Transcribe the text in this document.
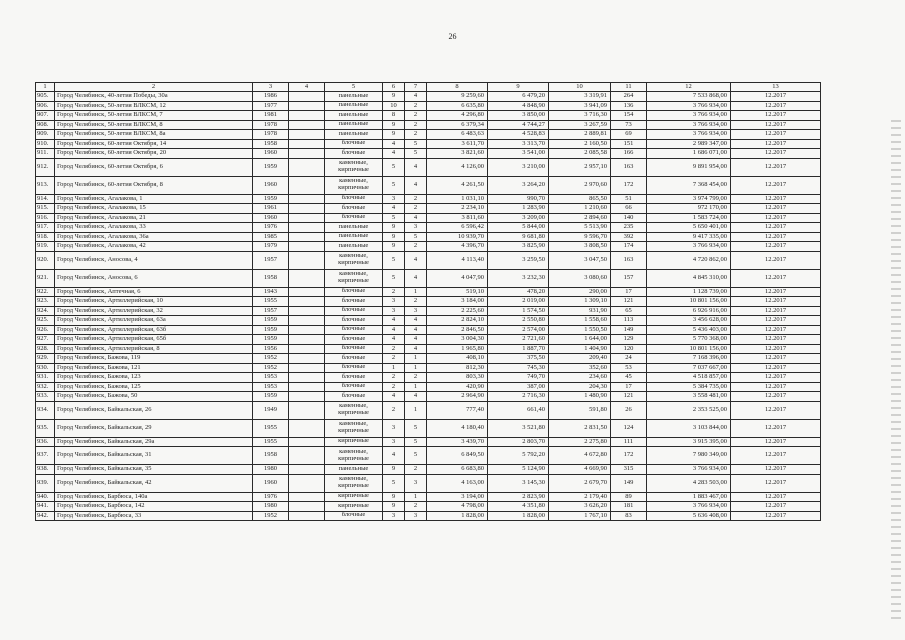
26
1	2	3	4	5	6	7	8	9	10	11	12	13
905.	Город Челябинск, 40-летия Победы, 30а	1986		панельные	9	4	9 259,60	6 479,20	3 319,91	264	7 533 868,00	12.2017
906.	Город Челябинск, 50-летия ВЛКСМ, 12	1977		панельные	10	2	6 635,80	4 848,90	3 941,09	136	3 766 934,00	12.2017
907.	Город Челябинск, 50-летия ВЛКСМ, 7	1981		панельные	8	2	4 296,80	3 850,00	3 716,30	154	3 766 934,00	12.2017
908.	Город Челябинск, 50-летия ВЛКСМ, 8	1978		панельные	9	2	6 379,34	4 744,27	3 267,59	73	3 766 934,00	12.2017
909.	Город Челябинск, 50-летия ВЛКСМ, 8а	1978		панельные	9	2	6 483,63	4 528,83	2 889,81	69	3 766 934,00	12.2017
910.	Город Челябинск, 60-летия Октября, 14	1958		блочные	4	5	3 611,70	3 313,70	2 160,50	151	2 989 347,00	12.2017
911.	Город Челябинск, 60-летия Октября, 20	1960		блочные	4	5	3 821,60	3 541,00	2 085,58	166	1 686 071,00	12.2017
912.	Город Челябинск, 60-летия Октября, 6	1959		каменные, кирпичные	5	4	4 126,00	3 210,00	2 957,10	163	9 891 954,00	12.2017
913.	Город Челябинск, 60-летия Октября, 8	1960		каменные, кирпичные	5	4	4 261,50	3 264,20	2 970,60	172	7 368 454,00	12.2017
914.	Город Челябинск, Агалакова, 1	1959		блочные	3	2	1 031,10	990,70	865,50	51	3 974 799,00	12.2017
915.	Город Челябинск, Агалакова, 15	1961		блочные	4	2	2 234,10	1 283,90	1 210,60	66	972 170,00	12.2017
916.	Город Челябинск, Агалакова, 21	1960		блочные	5	4	3 811,60	3 209,00	2 894,60	140	1 583 724,00	12.2017
917.	Город Челябинск, Агалакова, 33	1976		панельные	9	3	6 596,42	5 844,00	5 513,90	235	5 650 401,00	12.2017
918.	Город Челябинск, Агалакова, 36а	1985		панельные	9	5	10 939,70	9 681,80	9 596,70	392	9 417 335,00	12.2017
919.	Город Челябинск, Агалакова, 42	1979		панельные	9	2	4 396,70	3 825,90	3 808,50	174	3 766 934,00	12.2017
920.	Город Челябинск, Аносова, 4	1957		каменные, кирпичные	5	4	4 113,40	3 259,50	3 047,50	163	4 720 862,00	12.2017
921.	Город Челябинск, Аносова, 6	1958		каменные, кирпичные	5	4	4 047,90	3 232,30	3 080,60	157	4 845 310,00	12.2017
922.	Город Челябинск, Аптечная, 6	1943		блочные	2	1	519,10	478,20	290,00	17	1 128 739,00	12.2017
923.	Город Челябинск, Артиллерийская, 10	1955		блочные	3	2	3 184,00	2 019,00	1 309,10	121	10 801 156,00	12.2017
924.	Город Челябинск, Артиллерийская, 32	1957		блочные	3	3	2 225,60	1 574,50	931,90	65	6 926 916,00	12.2017
925.	Город Челябинск, Артиллерийская, 63а	1959		блочные	4	4	2 824,10	2 550,80	1 558,60	113	3 456 628,00	12.2017
926.	Город Челябинск, Артиллерийская, 63б	1959		блочные	4	4	2 846,50	2 574,00	1 550,50	149	5 436 403,00	12.2017
927.	Город Челябинск, Артиллерийская, 65б	1959		блочные	4	4	3 004,30	2 721,60	1 644,00	129	5 770 368,00	12.2017
928.	Город Челябинск, Артиллерийская, 8	1956		блочные	2	4	1 965,80	1 887,70	1 404,90	120	10 801 156,00	12.2017
929.	Город Челябинск, Бажова, 119	1952		блочные	2	1	408,10	375,50	209,40	24	7 168 396,00	12.2017
930.	Город Челябинск, Бажова, 121	1952		блочные	1	1	812,30	745,30	352,60	53	7 037 667,00	12.2017
931.	Город Челябинск, Бажова, 123	1953		блочные	2	2	803,30	749,70	234,60	45	4 518 857,00	12.2017
932.	Город Челябинск, Бажова, 125	1953		блочные	2	1	420,90	387,00	204,30	17	5 384 735,00	12.2017
933.	Город Челябинск, Бажова, 50	1959		блочные	4	4	2 964,90	2 716,30	1 480,90	121	3 558 481,00	12.2017
934.	Город Челябинск, Байкальская, 26	1949		каменные, кирпичные	2	1	777,40	661,40	591,80	26	2 353 525,00	12.2017
935.	Город Челябинск, Байкальская, 29	1955		каменные, кирпичные	3	5	4 180,40	3 521,80	2 831,50	124	3 103 844,00	12.2017
936.	Город Челябинск, Байкальская, 29а	1955		кирпичные	3	5	3 439,70	2 803,70	2 275,80	111	3 915 395,00	12.2017
937.	Город Челябинск, Байкальская, 31	1958		каменные, кирпичные	4	5	6 849,50	5 792,20	4 672,80	172	7 980 349,00	12.2017
938.	Город Челябинск, Байкальская, 35	1980		панельные	9	2	6 683,80	5 124,90	4 669,90	315	3 766 934,00	12.2017
939.	Город Челябинск, Байкальская, 42	1960		каменные, кирпичные	5	3	4 163,00	3 145,30	2 679,70	149	4 283 503,00	12.2017
940.	Город Челябинск, Барбюса, 140а	1976		кирпичные	9	1	3 194,00	2 823,90	2 179,40	89	1 883 467,00	12.2017
941.	Город Челябинск, Барбюса, 142	1980		кирпичные	9	2	4 798,00	4 351,80	3 626,20	181	3 766 934,00	12.2017
942.	Город Челябинск, Барбюса, 33	1952		блочные	3	3	1 828,00	1 828,00	1 767,10	83	5 636 408,00	12.2017
